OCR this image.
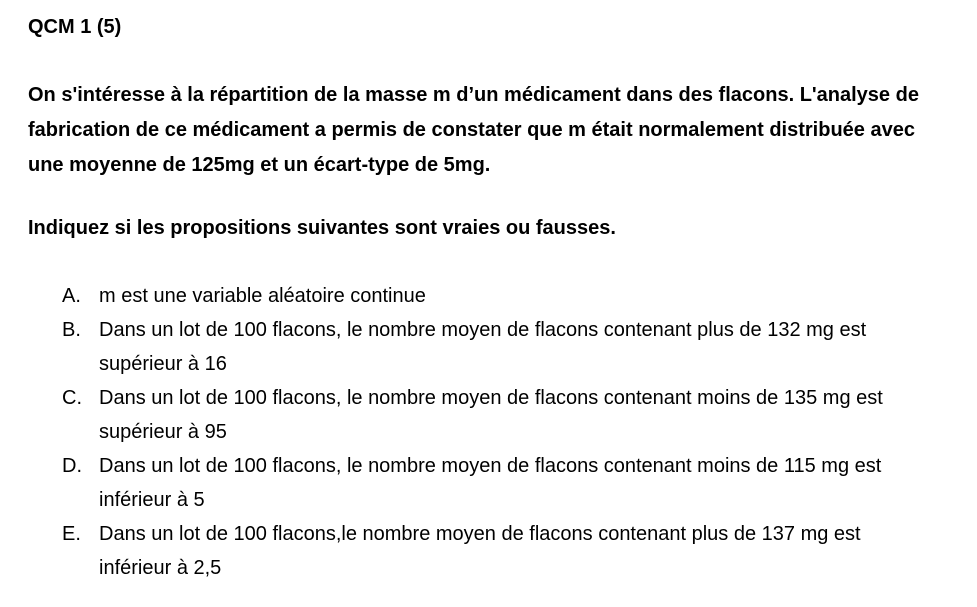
QCM 1 (5)

On s'intéresse à la répartition de la masse m d’un médicament dans des flacons. L'analyse de fabrication de ce médicament a permis de constater que m était normalement distribuée avec une moyenne de 125mg et un écart-type de 5mg.

Indiquez si les propositions suivantes sont vraies ou fausses.

A. m est une variable aléatoire continue
B. Dans un lot de 100 flacons, le nombre moyen de flacons contenant plus de 132 mg est supérieur à 16
C. Dans un lot de 100 flacons, le nombre moyen de flacons contenant moins de 135 mg est supérieur à 95
D. Dans un lot de 100 flacons, le nombre moyen de flacons contenant moins de 115 mg est inférieur à 5
E. Dans un lot de 100 flacons,le nombre moyen de flacons contenant plus de 137 mg est inférieur à 2,5
